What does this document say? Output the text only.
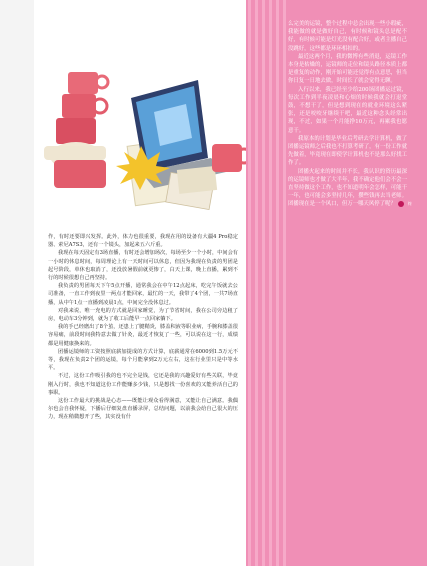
作，有时还要即兴发挥。此外，体力也很重要，我现在用的设备有大疆4 Pro稳定器、索尼A7S3，还有一个镜头，加起来五六斤重。

我现在每天固定有3场直播，有时还会增加场次，每场至少一个小时，中间会有一小时的休息时间，每周理论上有一天时间可以休息，但因为我现在负责的男团是起号阶段，单休也取消了，还没放暑假前就更惨了，白天上课，晚上直播，累到不行的时候很想自己再坚持。

我负责的男团每天下午5点开播，通常我会在中午12点起床，吃完午饭就去公司准备，一直工作到夜里一两点才能回家，最忙的一天，我带了4个团，一共7场直播，从中午1点一直播到凌晨1点，中间完全没休息过。

对我来说，唯一充电的方式就是回家睡觉，为了节省时间，我在公司旁边租了房，电动车3分钟到，就为了收工后能早一点回家躺下。

我的手已经磨出了8个茧，还患上了腱鞘炎，膝盖积液等职业病，手腕和膝盖很容易痛，前段时间我特意去做了针灸，最近才恢复了一些，可以说在这一行，成绩都是用健康换来的。

团播运镜师的工资按照底薪加提成的方式计算，底薪通常在6000到1.5万元不等，我现在负责2个团的运镜，每个月能拿到2万元左右，这在行业里只是中等水平。

不过，这份工作吸引我的也不完全是钱，它还是我的兴趣爱好有些关联，毕竟刚入行时，我也不知道这份工作能赚多少钱，只是想找一份喜欢的又能养活自己的事职。

这份工作最大的挑战是心态——既能让观众看得满意，又能让自己满意。我偶尔也会自我怀疑，下播后仔细复盘直播录屏，总结问题，以前我会给自己很大的压力，现在稍微想开了些，其实没有什

么完美的运镜，整个过程中总会出现一些小瑕疵，我能做的就是做好自己，有时候和镜头总是配不好，有时候可能是灯光没有配合好，或者主播自己没跳好，这些都是环环相扣的。

最近这两个月，我的微博有些消退，运镜工作本身是枯燥的，运镜师的走位和镜头路径本质上都是重复的动作，刚开始可能还觉得有点意思，但当你日复一日地去做，时间长了就会觉得无聊。

入行以来，我已经至少给200场团播运过镜，每次工作到半夜凌晨和心烦的时候我就会打退堂鼓，不想干了，但是想到现在的就业环境这么紧张，还是咬咬牙继续干吧，最近这种念头经常出现，不过，如果一个月能挣10万元，再累我也愿意干。

我原本的计划是毕业后考研去学计算机，做了团播运镜师之后我也不打算考研了，有一份工作就先做着，毕竟现在即使学计算机也不是那么好找工作了。

团播火起来的时间并不长，我认识的资历最深的运镜师也才做了大半年，我不确定他们会不会一直坚持做这个工作，也不知道明年会怎样，可能干一年，也可能会多坚持几年，攒些钱再去当老师。团播现在是一个风口，但万一哪天风停了呢？	终
